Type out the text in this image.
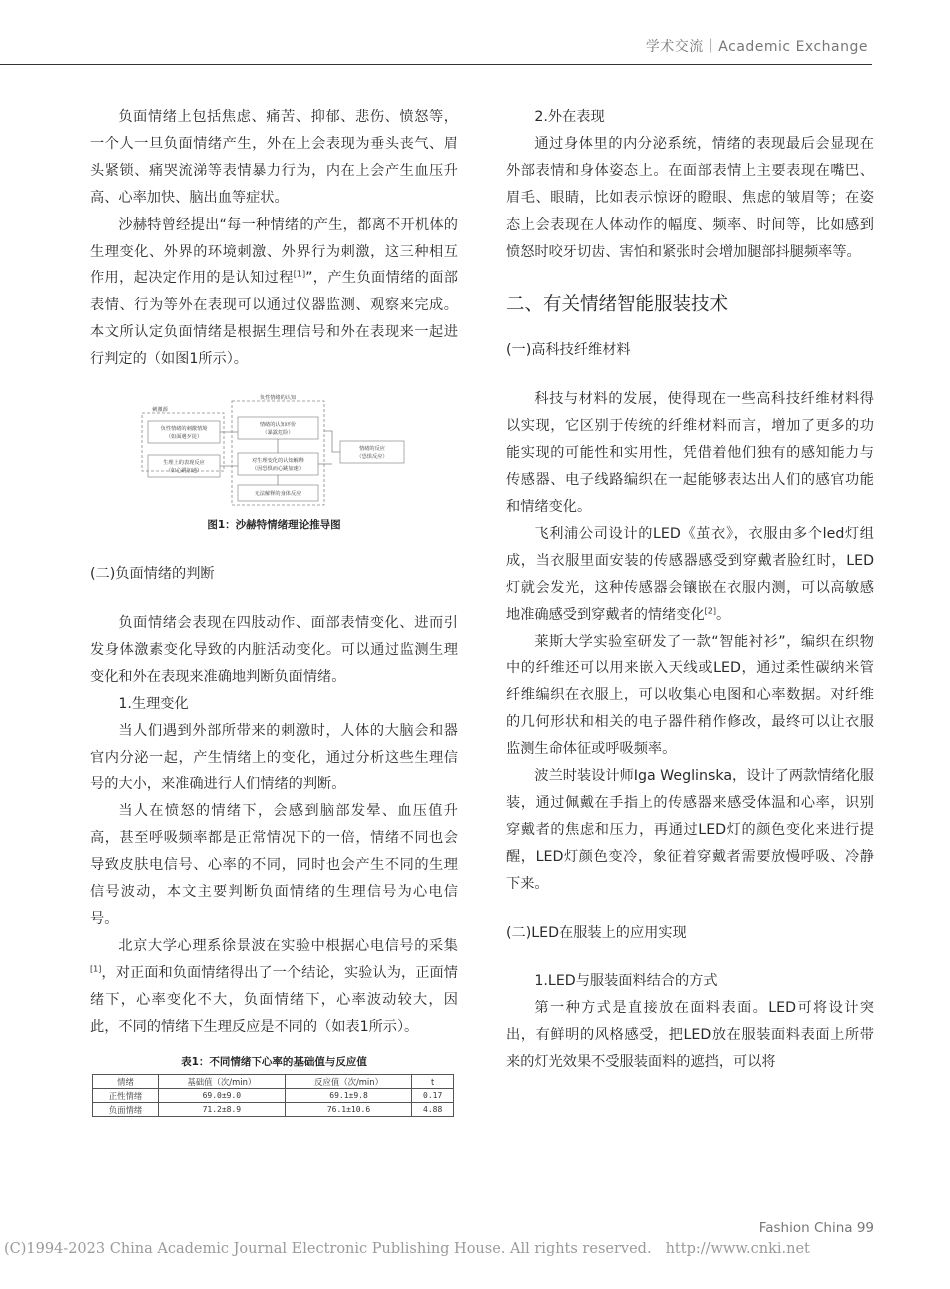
学术交流｜Academic Exchange

负面情绪上包括焦虑、痛苦、抑郁、悲伤、愤怒等，一个人一旦负面情绪产生，外在上会表现为垂头丧气、眉头紧锁、痛哭流涕等表情暴力行为，内在上会产生血压升高、心率加快、脑出血等症状。

沙赫特曾经提出“每一种情绪的产生，都离不开机体的生理变化、外界的环境刺激、外界行为刺激，这三种相互作用，起决定作用的是认知过程[1]”，产生负面情绪的面部表情、行为等外在表现可以通过仪器监测、观察来完成。本文所认定负面情绪是根据生理信号和外在表现来一起进行判定的（如图1所示）。

负性情绪的认知
刺激源
负性情绪的刺激情境
（如面遇歹徒）
情绪的认知评价
（暴露危险）
生理上的表现反应
（如心跳加速）
对生理变化的认知解释
（因恐惧而心跳加速）
无法解释的身体反应
情绪的反应
（恐惧反应）
图1：沙赫特情绪理论推导图

(二)负面情绪的判断

负面情绪会表现在四肢动作、面部表情变化、进而引发身体激素变化导致的内脏活动变化。可以通过监测生理变化和外在表现来准确地判断负面情绪。

1.生理变化

当人们遇到外部所带来的刺激时，人体的大脑会和器官内分泌一起，产生情绪上的变化，通过分析这些生理信号的大小，来准确进行人们情绪的判断。

当人在愤怒的情绪下，会感到脑部发晕、血压值升高，甚至呼吸频率都是正常情况下的一倍，情绪不同也会导致皮肤电信号、心率的不同，同时也会产生不同的生理信号波动，本文主要判断负面情绪的生理信号为心电信号。

北京大学心理系徐景波在实验中根据心电信号的采集[1]，对正面和负面情绪得出了一个结论，实验认为，正面情绪下，心率变化不大，负面情绪下，心率波动较大，因此，不同的情绪下生理反应是不同的（如表1所示）。

表1：不同情绪下心率的基础值与反应值
情绪	基础值（次/min）	反应值（次/min）	t
正性情绪	69.0±9.0	69.1±9.8	0.17
负面情绪	71.2±8.9	76.1±10.6	4.88

2.外在表现

通过身体里的内分泌系统，情绪的表现最后会显现在外部表情和身体姿态上。在面部表情上主要表现在嘴巴、眉毛、眼睛，比如表示惊讶的瞪眼、焦虑的皱眉等；在姿态上会表现在人体动作的幅度、频率、时间等，比如感到愤怒时咬牙切齿、害怕和紧张时会增加腿部抖腿频率等。

二、有关情绪智能服装技术

(一)高科技纤维材料

科技与材料的发展，使得现在一些高科技纤维材料得以实现，它区别于传统的纤维材料而言，增加了更多的功能实现的可能性和实用性，凭借着他们独有的感知能力与传感器、电子线路编织在一起能够表达出人们的感官功能和情绪变化。

飞利浦公司设计的LED《茧衣》，衣服由多个led灯组成，当衣服里面安装的传感器感受到穿戴者脸红时，LED灯就会发光，这种传感器会镶嵌在衣服内测，可以高敏感地准确感受到穿戴者的情绪变化[2]。

莱斯大学实验室研发了一款“智能衬衫”，编织在织物中的纤维还可以用来嵌入天线或LED，通过柔性碳纳米管纤维编织在衣服上，可以收集心电图和心率数据。对纤维的几何形状和相关的电子器件稍作修改，最终可以让衣服监测生命体征或呼吸频率。

波兰时装设计师Iga Weglinska，设计了两款情绪化服装，通过佩戴在手指上的传感器来感受体温和心率，识别穿戴者的焦虑和压力，再通过LED灯的颜色变化来进行提醒，LED灯颜色变冷，象征着穿戴者需要放慢呼吸、冷静下来。

(二)LED在服装上的应用实现

1.LED与服装面料结合的方式

第一种方式是直接放在面料表面。LED可将设计突出，有鲜明的风格感受，把LED放在服装面料表面上所带来的灯光效果不受服装面料的遮挡，可以将

Fashion China 99
(C)1994-2023 China Academic Journal Electronic Publishing House. All rights reserved. http://www.cnki.net
